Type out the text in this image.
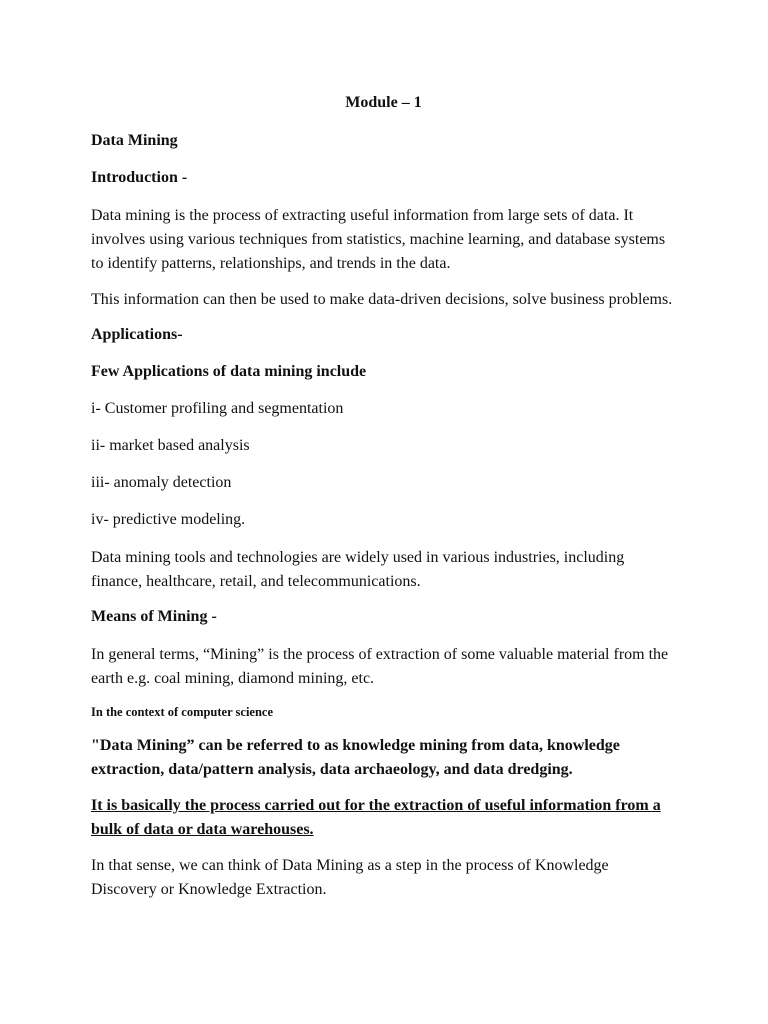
Module – 1
Data Mining
Introduction -

Data mining is the process of extracting useful information from large sets of data. It involves using various techniques from statistics, machine learning, and database systems to identify patterns, relationships, and trends in the data.

This information can then be used to make data-driven decisions, solve business problems.

Applications-
Few Applications of data mining include
i- Customer profiling and segmentation
ii- market based analysis
iii- anomaly detection
iv- predictive modeling.

Data mining tools and technologies are widely used in various industries, including finance, healthcare, retail, and telecommunications.

Means of Mining -

In general terms, “Mining” is the process of extraction of some valuable material from the earth e.g. coal mining, diamond mining, etc.

In the context of computer science

"Data Mining” can be referred to as knowledge mining from data, knowledge extraction, data/pattern analysis, data archaeology, and data dredging.

It is basically the process carried out for the extraction of useful information from a bulk of data or data warehouses.

In that sense, we can think of Data Mining as a step in the process of Knowledge Discovery or Knowledge Extraction.
